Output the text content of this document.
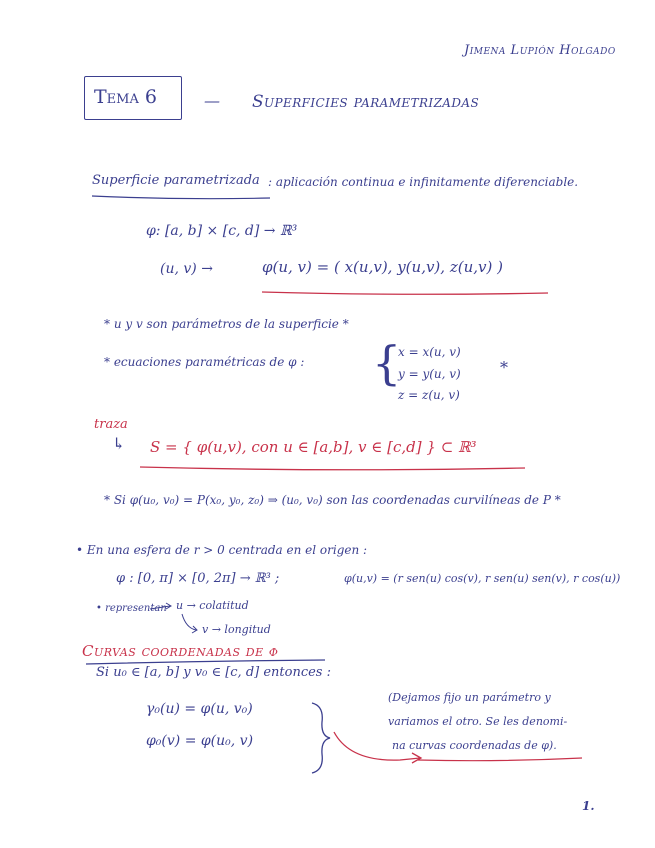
Jimena Lupión Holgado
Tema 6	— Superficies parametrizadas
Superficie parametrizada : aplicación continua e infinitamente diferenciable.
φ: [a, b] × [c, d] → ℝ³
(u, v) →	φ(u, v) = ( x(u,v), y(u,v), z(u,v) )
* u y v son parámetros de la superficie *
* ecuaciones paramétricas de φ : {
x = x(u, v)
y = y(u, v)
z = z(u, v)
*
traza
↳ S = { φ(u,v), con u ∈ [a,b], v ∈ [c,d] } ⊂ ℝ³
* Si φ(u₀, v₀) = P(x₀, y₀, z₀) ⇒ (u₀, v₀) son las coordenadas curvilíneas de P *
• En una esfera de r > 0 centrada en el origen :
φ : [0, π] × [0, 2π] → ℝ³ ;	φ(u,v) = (r sen(u) cos(v), r sen(u) sen(v), r cos(u))
• representan u → colatitud
v → longitud
Curvas coordenadas de φ
Si u₀ ∈ [a, b] y v₀ ∈ [c, d] entonces :
γ₀(u) = φ(u, v₀)
φ₀(v) = φ(u₀, v)
(Dejamos fijo un parámetro y
variamos el otro. Se les denomi-
na curvas coordenadas de φ).
1.
